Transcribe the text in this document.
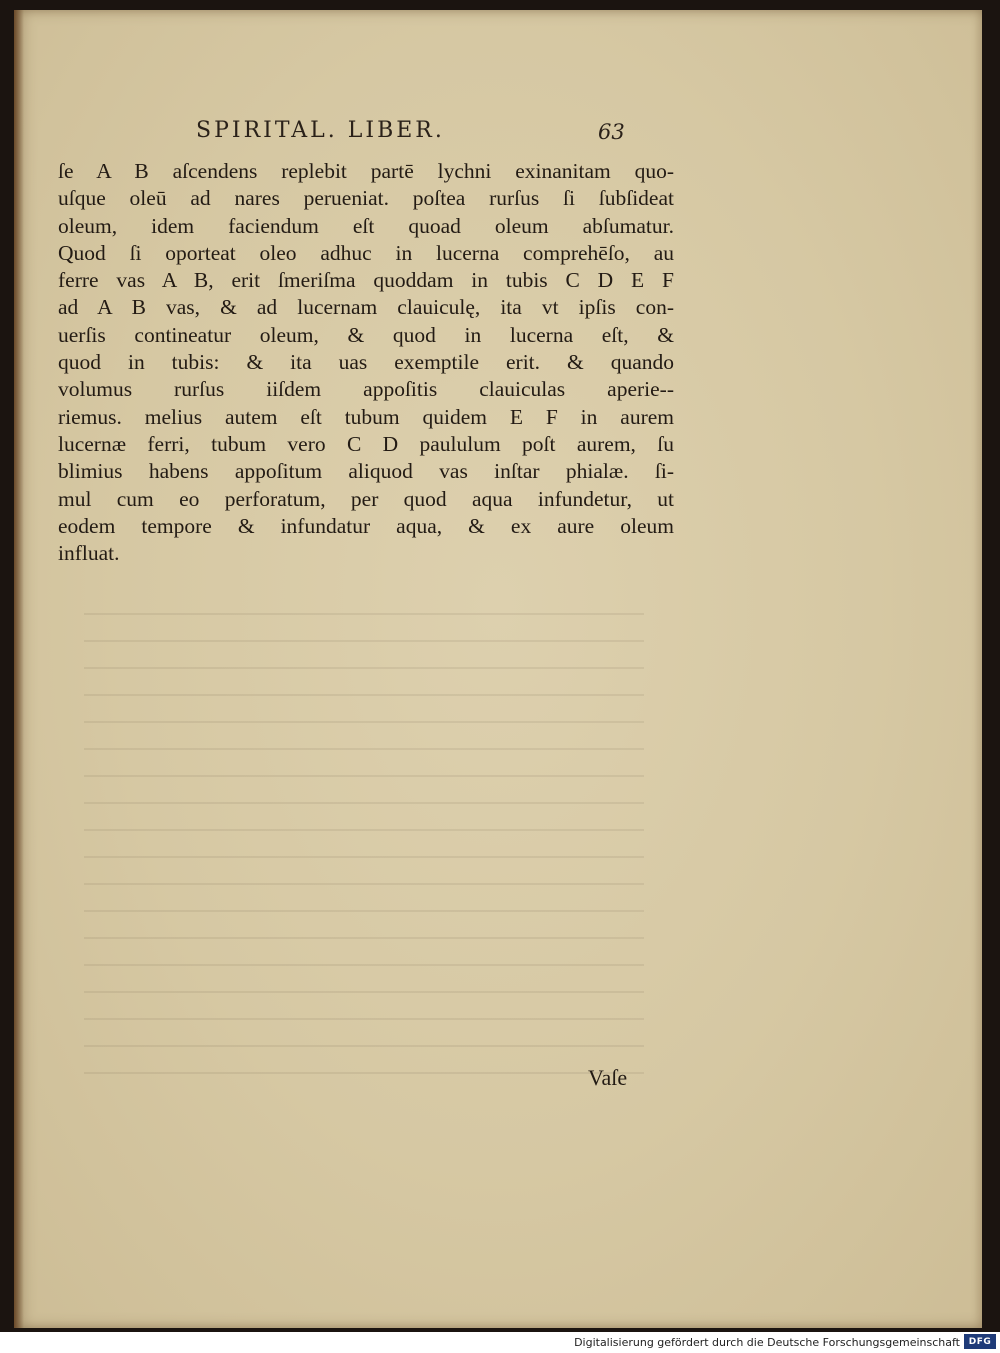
SPIRITAL. LIBER.	63
ſe A B aſcendens replebit partē lychni exinanitam quo-
uſque oleū ad nares perueniat. poſtea rurſus ſi ſubſideat
oleum, idem faciendum eſt quoad oleum abſumatur.
Quod ſi oporteat oleo adhuc in lucerna comprehēſo, au
ferre vas A B, erit ſmeriſma quoddam in tubis C D E F
ad A B vas, & ad lucernam clauiculę, ita vt ipſis con-
uerſis contineatur oleum, & quod in lucerna eſt, &
quod in tubis: & ita uas exemptile erit. & quando
volumus rurſus iiſdem appoſitis clauiculas aperie--
riemus. melius autem eſt tubum quidem E F in aurem
lucernæ ferri, tubum vero C D paululum poſt aurem, ſu
blimius habens appoſitum aliquod vas inſtar phialæ. ſi-
mul cum eo perforatum, per quod aqua infundetur, ut
eodem tempore & infundatur aqua, & ex aure oleum
influat.
Vaſe
Digitalisierung gefördert durch die Deutsche Forschungsgemeinschaft DFG
